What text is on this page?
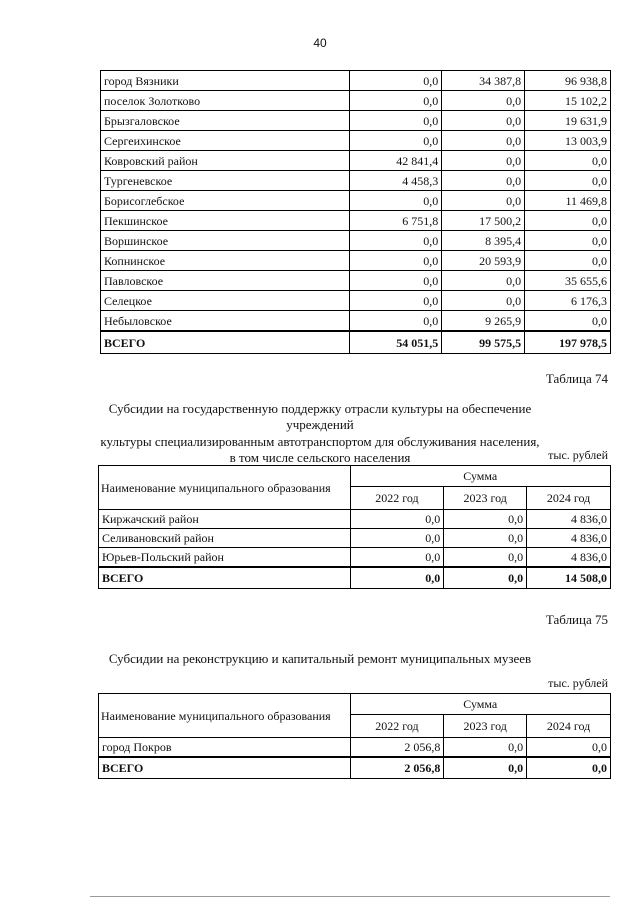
40
город Вязники	0,0	34 387,8	96 938,8
поселок Золотково	0,0	0,0	15 102,2
Брызгаловское	0,0	0,0	19 631,9
Сергеихинское	0,0	0,0	13 003,9
Ковровский район	42 841,4	0,0	0,0
Тургеневское	4 458,3	0,0	0,0
Борисоглебское	0,0	0,0	11 469,8
Пекшинское	6 751,8	17 500,2	0,0
Воршинское	0,0	8 395,4	0,0
Копнинское	0,0	20 593,9	0,0
Павловское	0,0	0,0	35 655,6
Селецкое	0,0	0,0	6 176,3
Небыловское	0,0	9 265,9	0,0
ВСЕГО	54 051,5	99 575,5	197 978,5
Таблица 74
Субсидии на государственную поддержку отрасли культуры на обеспечение учреждений
культуры специализированным автотранспортом для обслуживания населения,
в том числе сельского населения	тыс. рублей
Наименование муниципального образования	Сумма		
	2022 год	2023 год	2024 год
Киржачский район	0,0	0,0	4 836,0
Селивановский район	0,0	0,0	4 836,0
Юрьев-Польский район	0,0	0,0	4 836,0
ВСЕГО	0,0	0,0	14 508,0
Таблица 75
Субсидии на реконструкцию и капитальный ремонт муниципальных музеев
тыс. рублей
Наименование муниципального образования	Сумма		
	2022 год	2023 год	2024 год
город Покров	2 056,8	0,0	0,0
ВСЕГО	2 056,8	0,0	0,0
